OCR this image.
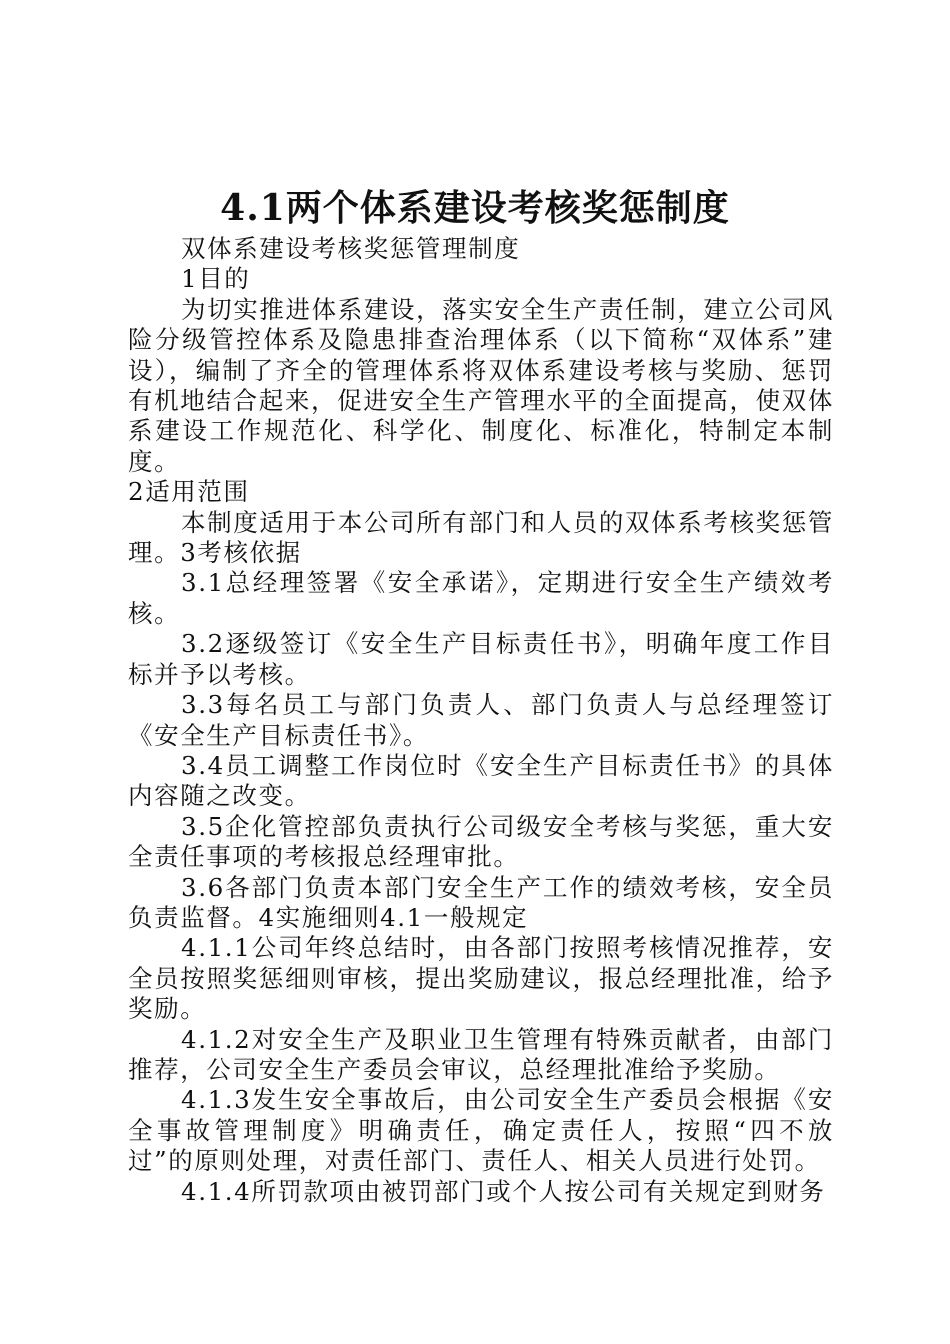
4.1两个体系建设考核奖惩制度

双体系建设考核奖惩管理制度

1目的

为切实推进体系建设，落实安全生产责任制，建立公司风险分级管控体系及隐患排查治理体系（以下简称“双体系”建设），编制了齐全的管理体系将双体系建设考核与奖励、惩罚有机地结合起来，促进安全生产管理水平的全面提高，使双体系建设工作规范化、科学化、制度化、标准化，特制定本制度。

2适用范围

本制度适用于本公司所有部门和人员的双体系考核奖惩管理。3考核依据

3.1总经理签署《安全承诺》，定期进行安全生产绩效考核。

3.2逐级签订《安全生产目标责任书》，明确年度工作目标并予以考核。

3.3每名员工与部门负责人、部门负责人与总经理签订《安全生产目标责任书》。

3.4员工调整工作岗位时《安全生产目标责任书》的具体内容随之改变。

3.5企化管控部负责执行公司级安全考核与奖惩，重大安全责任事项的考核报总经理审批。

3.6各部门负责本部门安全生产工作的绩效考核，安全员负责监督。4实施细则4.1一般规定

4.1.1公司年终总结时，由各部门按照考核情况推荐，安全员按照奖惩细则审核，提出奖励建议，报总经理批准，给予奖励。

4.1.2对安全生产及职业卫生管理有特殊贡献者，由部门推荐，公司安全生产委员会审议，总经理批准给予奖励。

4.1.3发生安全事故后，由公司安全生产委员会根据《安全事故管理制度》明确责任，确定责任人，按照“四不放过”的原则处理，对责任部门、责任人、相关人员进行处罚。

4.1.4所罚款项由被罚部门或个人按公司有关规定到财务
